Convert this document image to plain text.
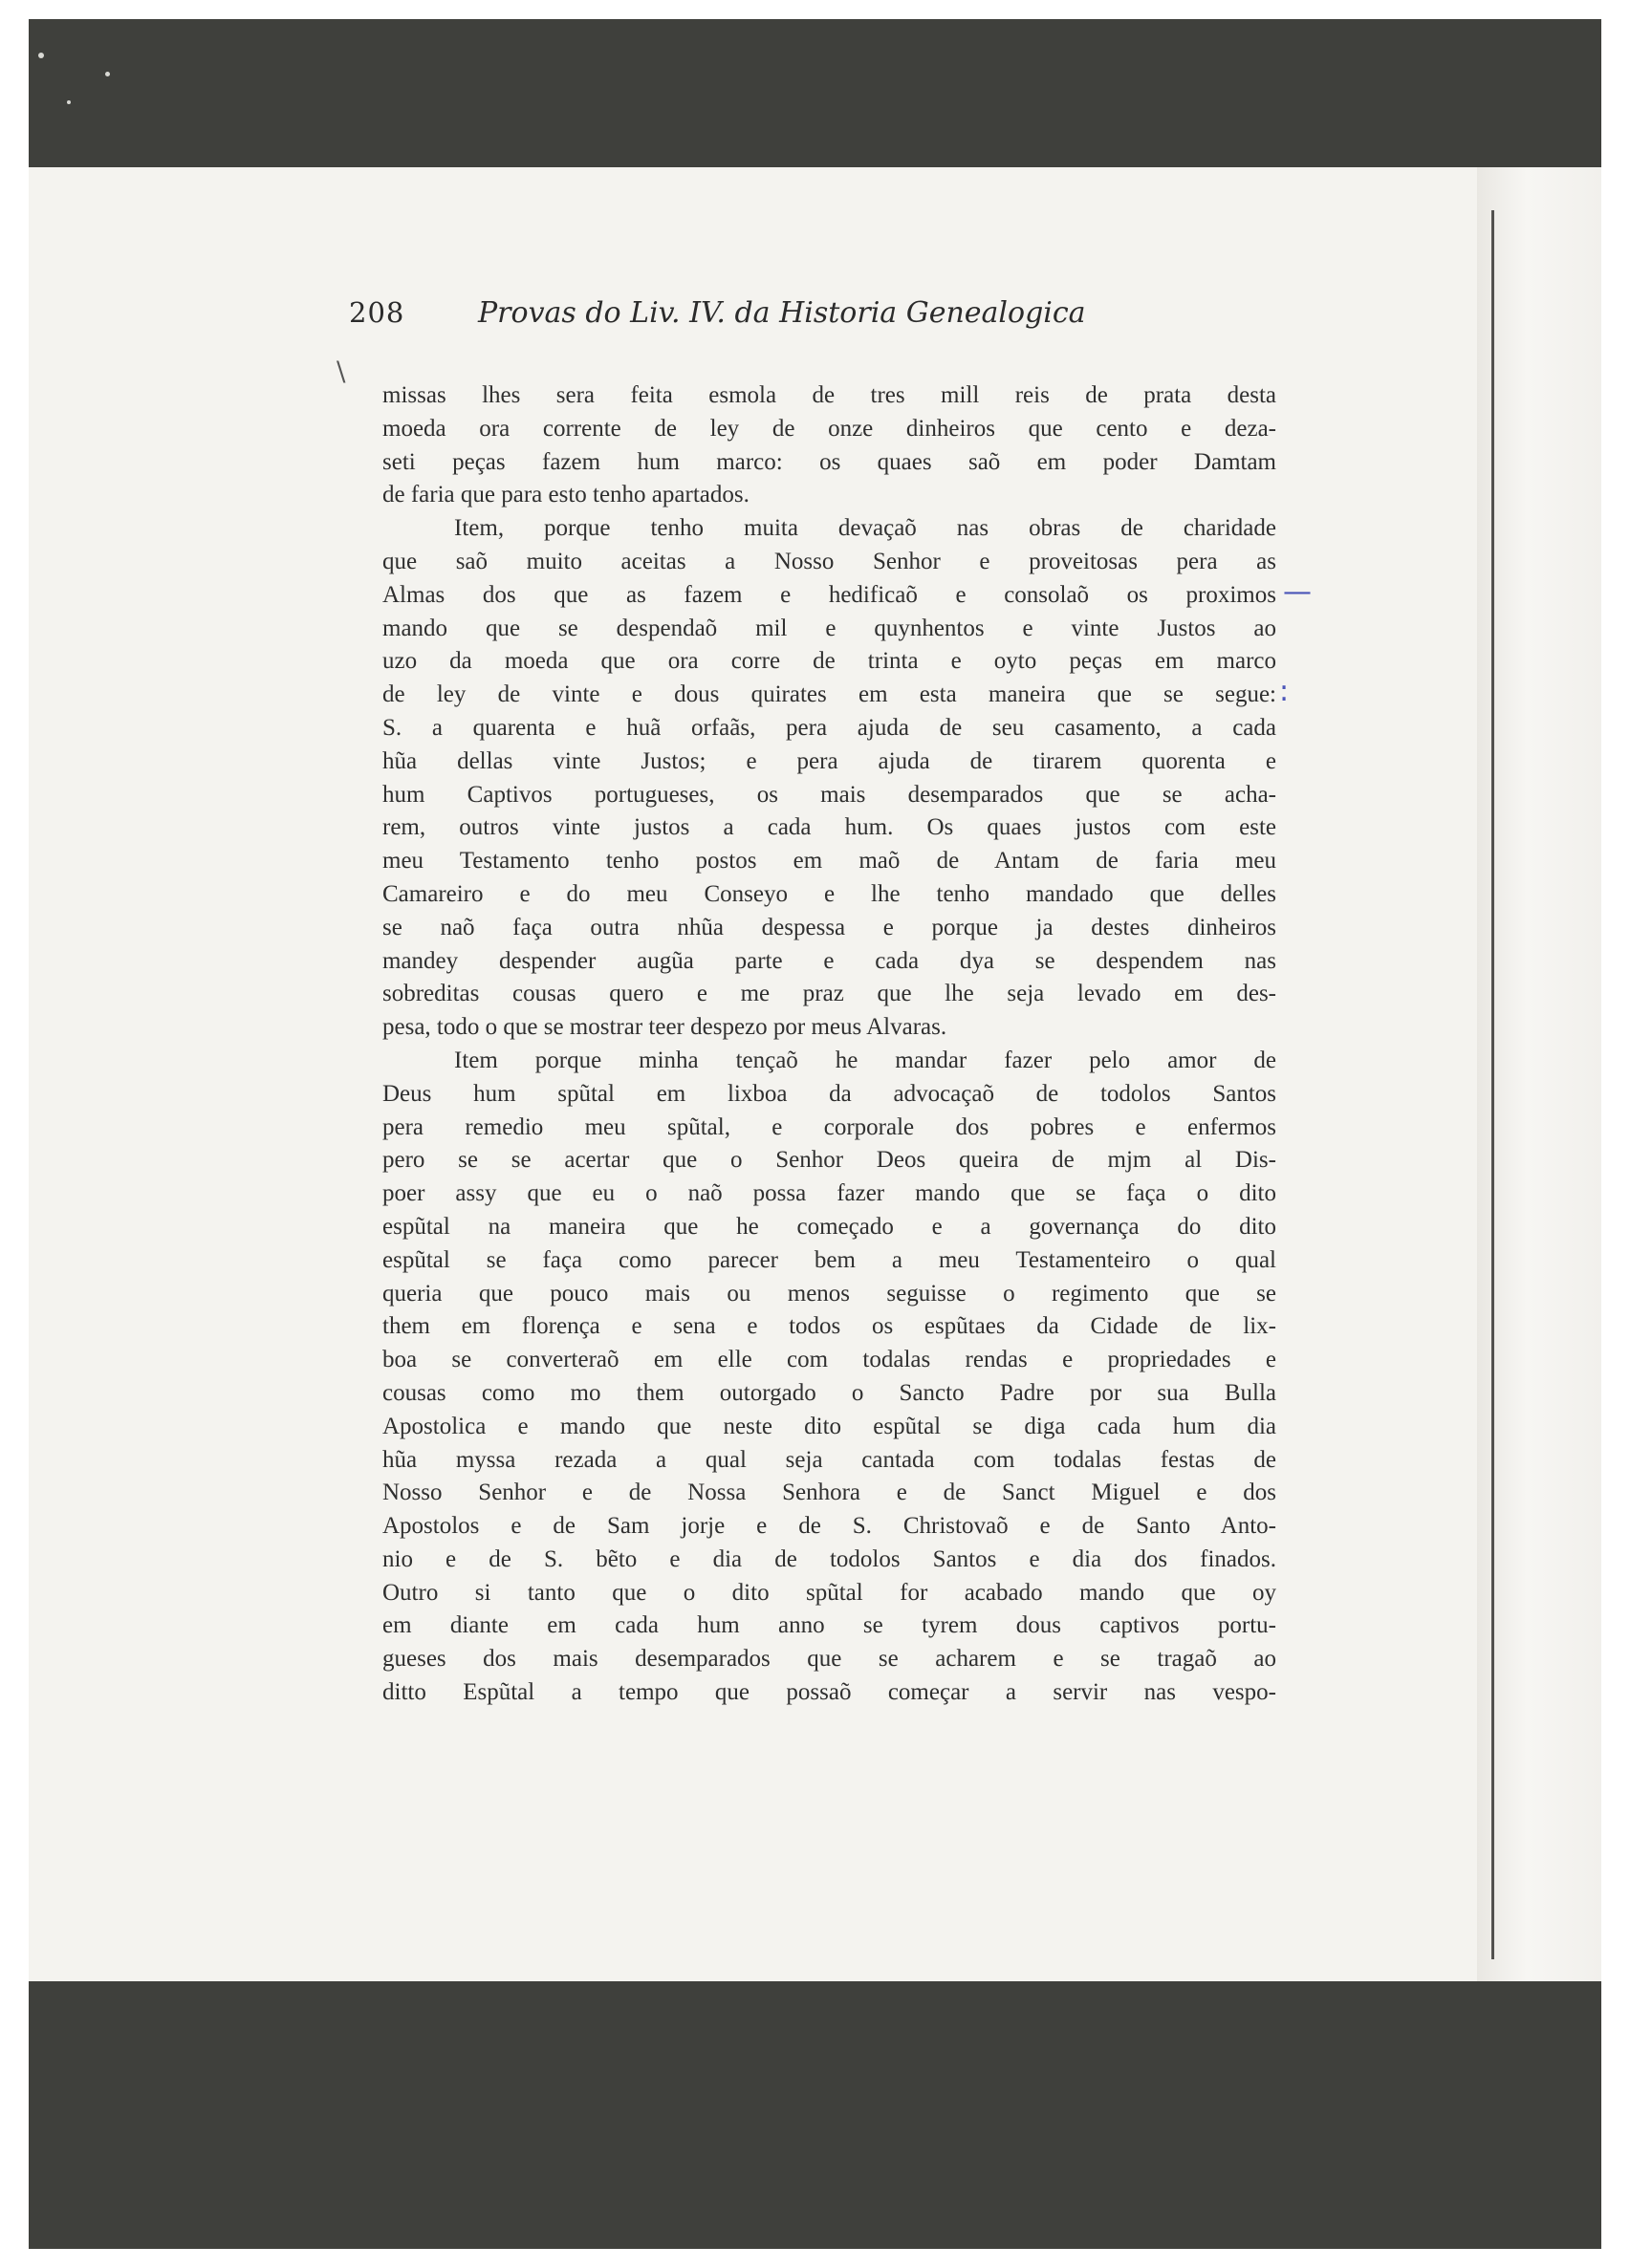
208	Provas do Liv. IV. da Historia Genealogica
missas lhes sera feita esmola de tres mill reis de prata desta
moeda ora corrente de ley de onze dinheiros que cento e deza-
seti peças fazem hum marco: os quaes saõ em poder Damtam
de faria que para esto tenho apartados.
Item, porque tenho muita devaçaõ nas obras de charidade
que saõ muito aceitas a Nosso Senhor e proveitosas pera as
Almas dos que as fazem e hedificaõ e consolaõ os proximos
mando que se despendaõ mil e quynhentos e vinte Justos ao
uzo da moeda que ora corre de trinta e oyto peças em marco
de ley de vinte e dous quirates em esta maneira que se segue:
S. a quarenta e huã orfaãs, pera ajuda de seu casamento, a cada
hũa dellas vinte Justos; e pera ajuda de tirarem quorenta e
hum Captivos portugueses, os mais desemparados que se acha-
rem, outros vinte justos a cada hum. Os quaes justos com este
meu Testamento tenho postos em maõ de Antam de faria meu
Camareiro e do meu Conseyo e lhe tenho mandado que delles
se naõ faça outra nhũa despessa e porque ja destes dinheiros
mandey despender augũa parte e cada dya se despendem nas
sobreditas cousas quero e me praz que lhe seja levado em des-
pesa, todo o que se mostrar teer despezo por meus Alvaras.
Item porque minha tençaõ he mandar fazer pelo amor de
Deus hum spũtal em lixboa da advocaçaõ de todolos Santos
pera remedio meu spũtal, e corporale dos pobres e enfermos
pero se se acertar que o Senhor Deos queira de mjm al Dis-
poer assy que eu o naõ possa fazer mando que se faça o dito
espũtal na maneira que he começado e a governança do dito
espũtal se faça como parecer bem a meu Testamenteiro o qual
queria que pouco mais ou menos seguisse o regimento que se
them em florença e sena e todos os espũtaes da Cidade de lix-
boa se converteraõ em elle com todalas rendas e propriedades e
cousas como mo them outorgado o Sancto Padre por sua Bulla
Apostolica e mando que neste dito espũtal se diga cada hum dia
hũa myssa rezada a qual seja cantada com todalas festas de
Nosso Senhor e de Nossa Senhora e de Sanct Miguel e dos
Apostolos e de Sam jorje e de S. Christovaõ e de Santo Anto-
nio e de S. bẽto e dia de todolos Santos e dia dos finados.
Outro si tanto que o dito spũtal for acabado mando que oy
em diante em cada hum anno se tyrem dous captivos portu-
gueses dos mais desemparados que se acharem e se tragaõ ao
ditto Espũtal a tempo que possaõ começar a servir nas vespo-
—
:
\
